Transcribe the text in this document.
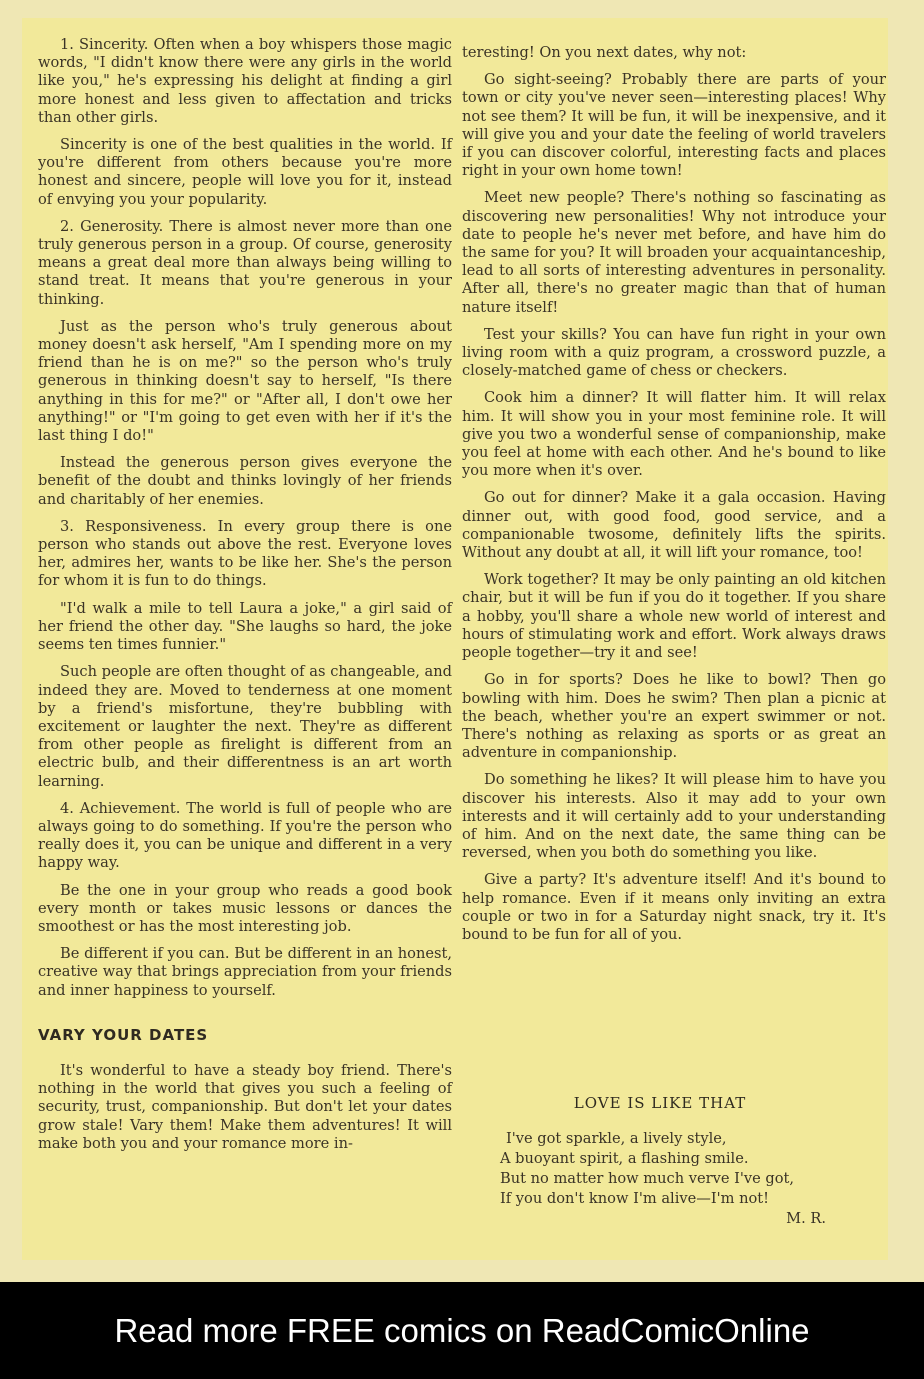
1. Sincerity. Often when a boy whispers those magic words, "I didn't know there were any girls in the world like you," he's expressing his delight at finding a girl more honest and less given to affectation and tricks than other girls.

Sincerity is one of the best qualities in the world. If you're different from others because you're more honest and sincere, people will love you for it, instead of envying you your popularity.

2. Generosity. There is almost never more than one truly generous person in a group. Of course, generosity means a great deal more than always being willing to stand treat. It means that you're generous in your thinking.

Just as the person who's truly generous about money doesn't ask herself, "Am I spending more on my friend than he is on me?" so the person who's truly generous in thinking doesn't say to herself, "Is there anything in this for me?" or "After all, I don't owe her anything!" or "I'm going to get even with her if it's the last thing I do!"

Instead the generous person gives everyone the benefit of the doubt and thinks lovingly of her friends and charitably of her enemies.

3. Responsiveness. In every group there is one person who stands out above the rest. Everyone loves her, admires her, wants to be like her. She's the person for whom it is fun to do things.

"I'd walk a mile to tell Laura a joke," a girl said of her friend the other day. "She laughs so hard, the joke seems ten times funnier."

Such people are often thought of as changeable, and indeed they are. Moved to tenderness at one moment by a friend's misfortune, they're bubbling with excitement or laughter the next. They're as different from other people as firelight is different from an electric bulb, and their differentness is an art worth learning.

4. Achievement. The world is full of people who are always going to do something. If you're the person who really does it, you can be unique and different in a very happy way.

Be the one in your group who reads a good book every month or takes music lessons or dances the smoothest or has the most interesting job.

Be different if you can. But be different in an honest, creative way that brings appreciation from your friends and inner happiness to yourself.

VARY YOUR DATES

It's wonderful to have a steady boy friend. There's nothing in the world that gives you such a feeling of security, trust, companionship. But don't let your dates grow stale! Vary them! Make them adventures! It will make both you and your romance more in-

teresting! On you next dates, why not:

Go sight-seeing? Probably there are parts of your town or city you've never seen—interesting places! Why not see them? It will be fun, it will be inexpensive, and it will give you and your date the feeling of world travelers if you can discover colorful, interesting facts and places right in your own home town!

Meet new people? There's nothing so fascinating as discovering new personalities! Why not introduce your date to people he's never met before, and have him do the same for you? It will broaden your acquaintanceship, lead to all sorts of interesting adventures in personality. After all, there's no greater magic than that of human nature itself!

Test your skills? You can have fun right in your own living room with a quiz program, a crossword puzzle, a closely-matched game of chess or checkers.

Cook him a dinner? It will flatter him. It will relax him. It will show you in your most feminine role. It will give you two a wonderful sense of companionship, make you feel at home with each other. And he's bound to like you more when it's over.

Go out for dinner? Make it a gala occasion. Having dinner out, with good food, good service, and a companionable twosome, definitely lifts the spirits. Without any doubt at all, it will lift your romance, too!

Work together? It may be only painting an old kitchen chair, but it will be fun if you do it together. If you share a hobby, you'll share a whole new world of interest and hours of stimulating work and effort. Work always draws people together—try it and see!

Go in for sports? Does he like to bowl? Then go bowling with him. Does he swim? Then plan a picnic at the beach, whether you're an expert swimmer or not. There's nothing as relaxing as sports or as great an adventure in companionship.

Do something he likes? It will please him to have you discover his interests. Also it may add to your own interests and it will certainly add to your understanding of him. And on the next date, the same thing can be reversed, when you both do something you like.

Give a party? It's adventure itself! And it's bound to help romance. Even if it means only inviting an extra couple or two in for a Saturday night snack, try it. It's bound to be fun for all of you.

LOVE IS LIKE THAT
I've got sparkle, a lively style,
A buoyant spirit, a flashing smile.
But no matter how much verve I've got,
If you don't know I'm alive—I'm not!
M. R.
Read more FREE comics on ReadComicOnline
